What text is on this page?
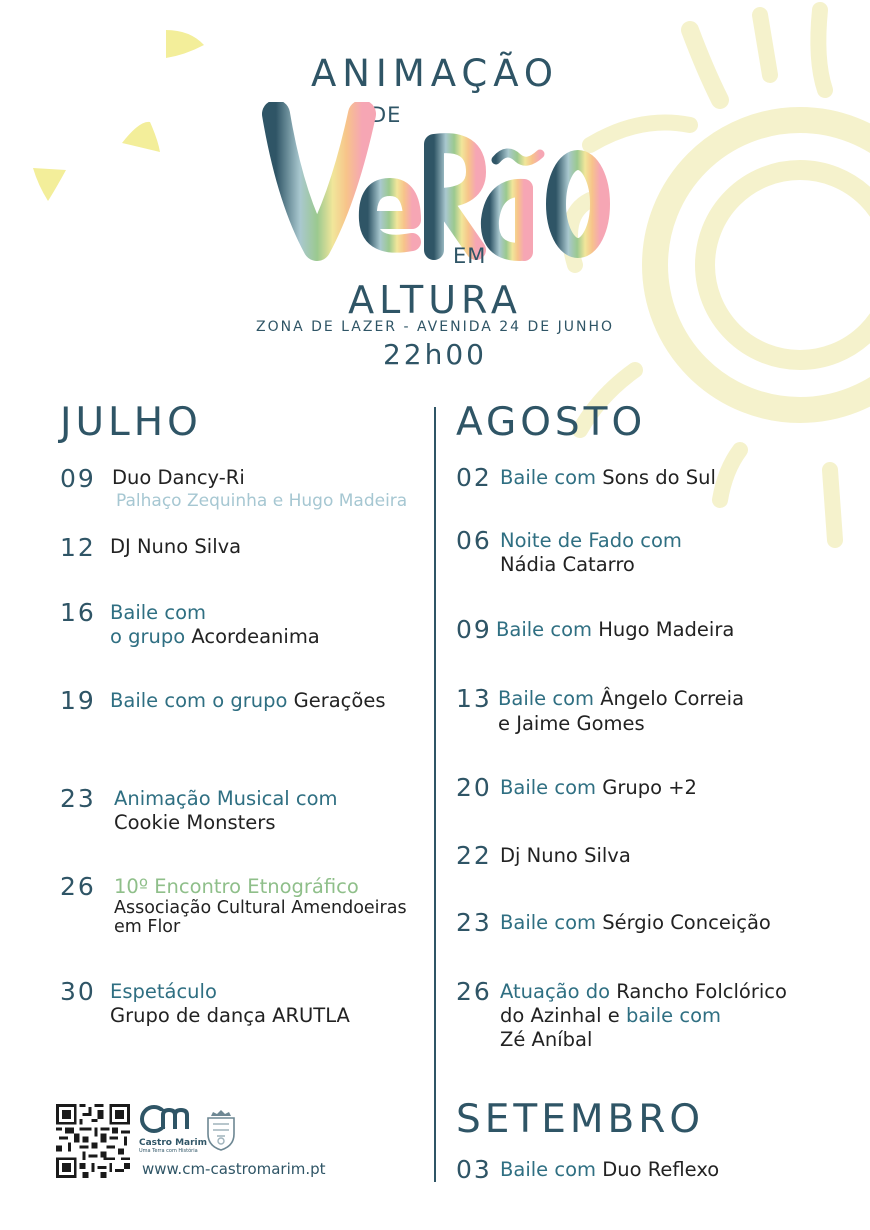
ANIMAÇÃO
DE
EM
ALTURA
ZONA DE LAZER - AVENIDA 24 DE JUNHO
22h00
JULHO
09 Duo Dancy-Ri
Palhaço Zequinha e Hugo Madeira
12 DJ Nuno Silva
16 Baile com
o grupo Acordeanima
19 Baile com o grupo Gerações
23 Animação Musical com
Cookie Monsters
26 10º Encontro Etnográfico
Associação Cultural Amendoeiras
em Flor
30 Espetáculo
Grupo de dança ARUTLA
AGOSTO
02 Baile com Sons do Sul
06 Noite de Fado com
Nádia Catarro
09 Baile com Hugo Madeira
13 Baile com Ângelo Correia
e Jaime Gomes
20 Baile com Grupo +2
22 Dj Nuno Silva
23 Baile com Sérgio Conceição
26 Atuação do Rancho Folclórico
do Azinhal e baile com
Zé Aníbal
SETEMBRO
03 Baile com Duo Reflexo
Castro Marim
Uma Terra com História
www.cm-castromarim.pt
